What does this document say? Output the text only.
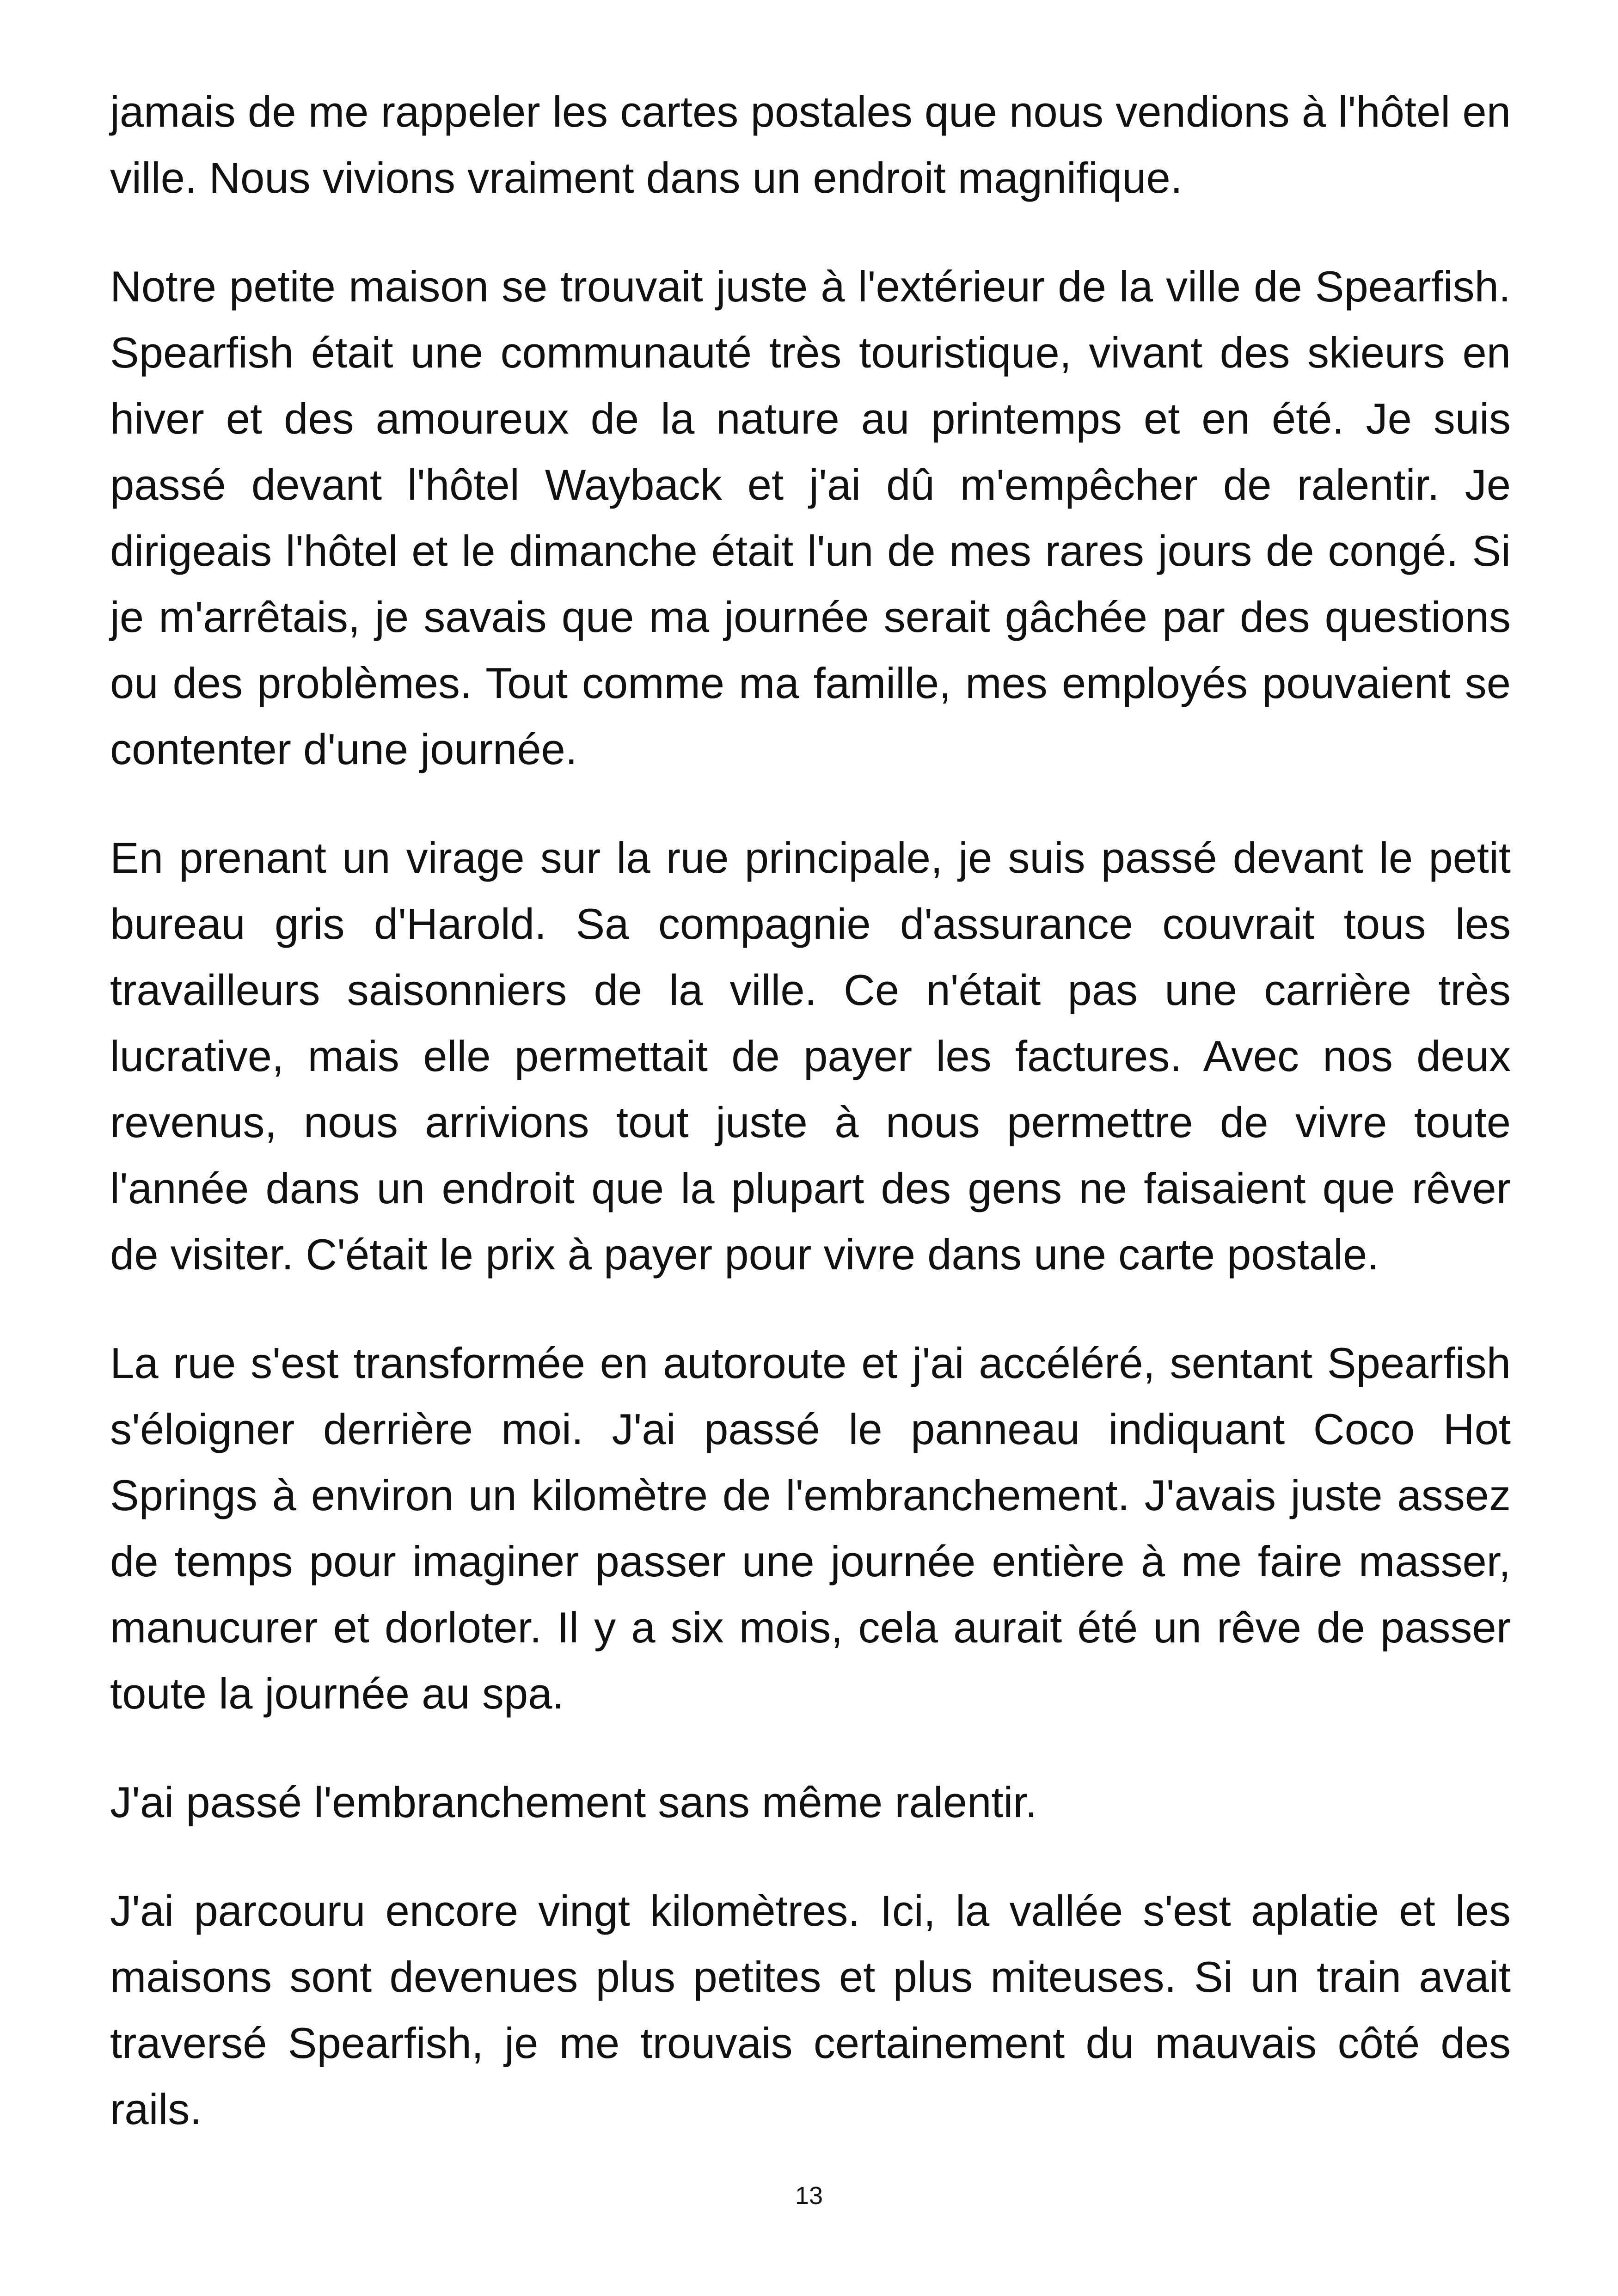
jamais de me rappeler les cartes postales que nous vendions à l'hôtel en ville. Nous vivions vraiment dans un endroit magnifique.

Notre petite maison se trouvait juste à l'extérieur de la ville de Spearfish. Spearfish était une communauté très touristique, vivant des skieurs en hiver et des amoureux de la nature au printemps et en été. Je suis passé devant l'hôtel Wayback et j'ai dû m'empêcher de ralentir. Je dirigeais l'hôtel et le dimanche était l'un de mes rares jours de congé. Si je m'arrêtais, je savais que ma journée serait gâchée par des questions ou des problèmes. Tout comme ma famille, mes employés pouvaient se contenter d'une journée.

En prenant un virage sur la rue principale, je suis passé devant le petit bureau gris d'Harold. Sa compagnie d'assurance couvrait tous les travailleurs saisonniers de la ville. Ce n'était pas une carrière très lucrative, mais elle permettait de payer les factures. Avec nos deux revenus, nous arrivions tout juste à nous permettre de vivre toute l'année dans un endroit que la plupart des gens ne faisaient que rêver de visiter. C'était le prix à payer pour vivre dans une carte postale.

La rue s'est transformée en autoroute et j'ai accéléré, sentant Spearfish s'éloigner derrière moi. J'ai passé le panneau indiquant Coco Hot Springs à environ un kilomètre de l'embranchement. J'avais juste assez de temps pour imaginer passer une journée entière à me faire masser, manucurer et dorloter. Il y a six mois, cela aurait été un rêve de passer toute la journée au spa.

J'ai passé l'embranchement sans même ralentir.

J'ai parcouru encore vingt kilomètres. Ici, la vallée s'est aplatie et les maisons sont devenues plus petites et plus miteuses. Si un train avait traversé Spearfish, je me trouvais certainement du mauvais côté des rails.

13
